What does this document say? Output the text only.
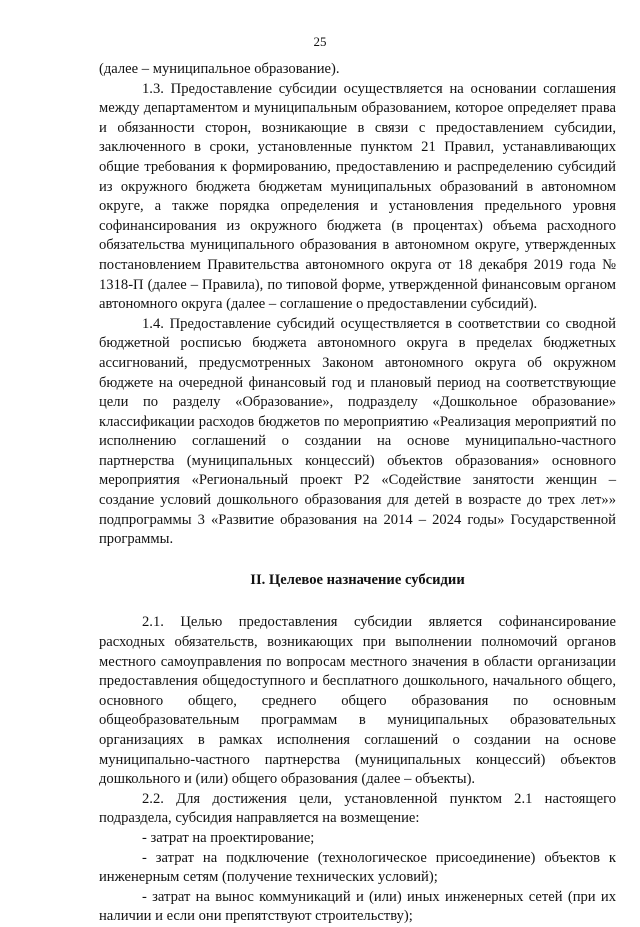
25

(далее – муниципальное образование).

1.3. Предоставление субсидии осуществляется на основании соглашения между департаментом и муниципальным образованием, которое определяет права и обязанности сторон, возникающие в связи с предоставлением субсидии, заключенного в сроки, установленные пунктом 21 Правил, устанавливающих общие требования к формированию, предоставлению и распределению субсидий из окружного бюджета бюджетам муниципальных образований в автономном округе, а также порядка определения и установления предельного уровня софинансирования из окружного бюджета (в процентах) объема расходного обязательства муниципального образования в автономном округе, утвержденных постановлением Правительства автономного округа от 18 декабря 2019 года № 1318-П (далее – Правила), по типовой форме, утвержденной финансовым органом автономного округа (далее – соглашение о предоставлении субсидий).

1.4. Предоставление субсидий осуществляется в соответствии со сводной бюджетной росписью бюджета автономного округа в пределах бюджетных ассигнований, предусмотренных Законом автономного округа об окружном бюджете на очередной финансовый год и плановый период на соответствующие цели по разделу «Образование», подразделу «Дошкольное образование» классификации расходов бюджетов по мероприятию «Реализация мероприятий по исполнению соглашений о создании на основе муниципально-частного партнерства (муниципальных концессий) объектов образования» основного мероприятия «Региональный проект Р2 «Содействие занятости женщин – создание условий дошкольного образования для детей в возрасте до трех лет»» подпрограммы 3 «Развитие образования на 2014 – 2024 годы» Государственной программы.

II. Целевое назначение субсидии

2.1. Целью предоставления субсидии является софинансирование расходных обязательств, возникающих при выполнении полномочий органов местного самоуправления по вопросам местного значения в области организации предоставления общедоступного и бесплатного дошкольного, начального общего, основного общего, среднего общего образования по основным общеобразовательным программам в муниципальных образовательных организациях в рамках исполнения соглашений о создании на основе муниципально-частного партнерства (муниципальных концессий) объектов дошкольного и (или) общего образования (далее – объекты).

2.2. Для достижения цели, установленной пунктом 2.1 настоящего подраздела, субсидия направляется на возмещение:

- затрат на проектирование;

- затрат на подключение (технологическое присоединение) объектов к инженерным сетям (получение технических условий);

- затрат на вынос коммуникаций и (или) иных инженерных сетей (при их наличии и если они препятствуют строительству);
